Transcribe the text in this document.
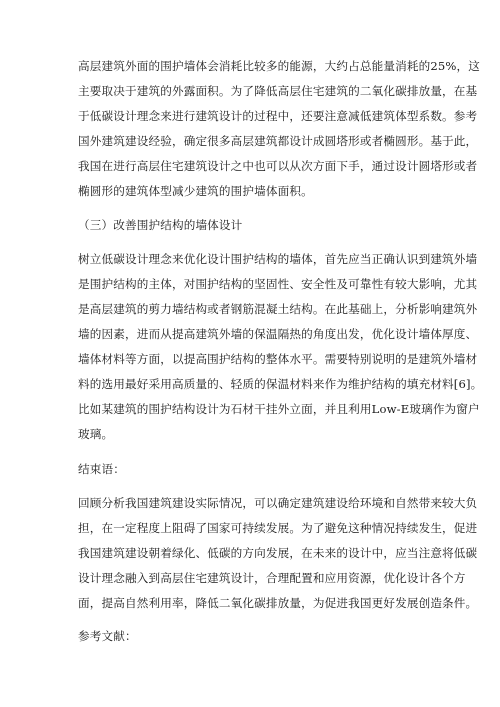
高层建筑外面的围护墙体会消耗比较多的能源，大约占总能量消耗的25%，这
主要取决于建筑的外露面积。为了降低高层住宅建筑的二氧化碳排放量，在基
于低碳设计理念来进行建筑设计的过程中，还要注意减低建筑体型系数。参考
国外建筑建设经验，确定很多高层建筑都设计成圆塔形或者椭圆形。基于此，
我国在进行高层住宅建筑设计之中也可以从次方面下手，通过设计圆塔形或者
椭圆形的建筑体型减少建筑的围护墙体面积。
（三）改善围护结构的墙体设计
树立低碳设计理念来优化设计围护结构的墙体，首先应当正确认识到建筑外墙
是围护结构的主体，对围护结构的坚固性、安全性及可靠性有较大影响，尤其
是高层建筑的剪力墙结构或者钢筋混凝土结构。在此基础上，分析影响建筑外
墙的因素，进而从提高建筑外墙的保温隔热的角度出发，优化设计墙体厚度、
墙体材料等方面，以提高围护结构的整体水平。需要特别说明的是建筑外墙材
料的选用最好采用高质量的、轻质的保温材料来作为维护结构的填充材料[6]。
比如某建筑的围护结构设计为石材干挂外立面，并且利用Low-E玻璃作为窗户
玻璃。
结束语：
回顾分析我国建筑建设实际情况，可以确定建筑建设给环境和自然带来较大负
担，在一定程度上阻碍了国家可持续发展。为了避免这种情况持续发生，促进
我国建筑建设朝着绿化、低碳的方向发展，在未来的设计中，应当注意将低碳
设计理念融入到高层住宅建筑设计，合理配置和应用资源，优化设计各个方
面，提高自然利用率，降低二氧化碳排放量，为促进我国更好发展创造条件。
参考文献：
